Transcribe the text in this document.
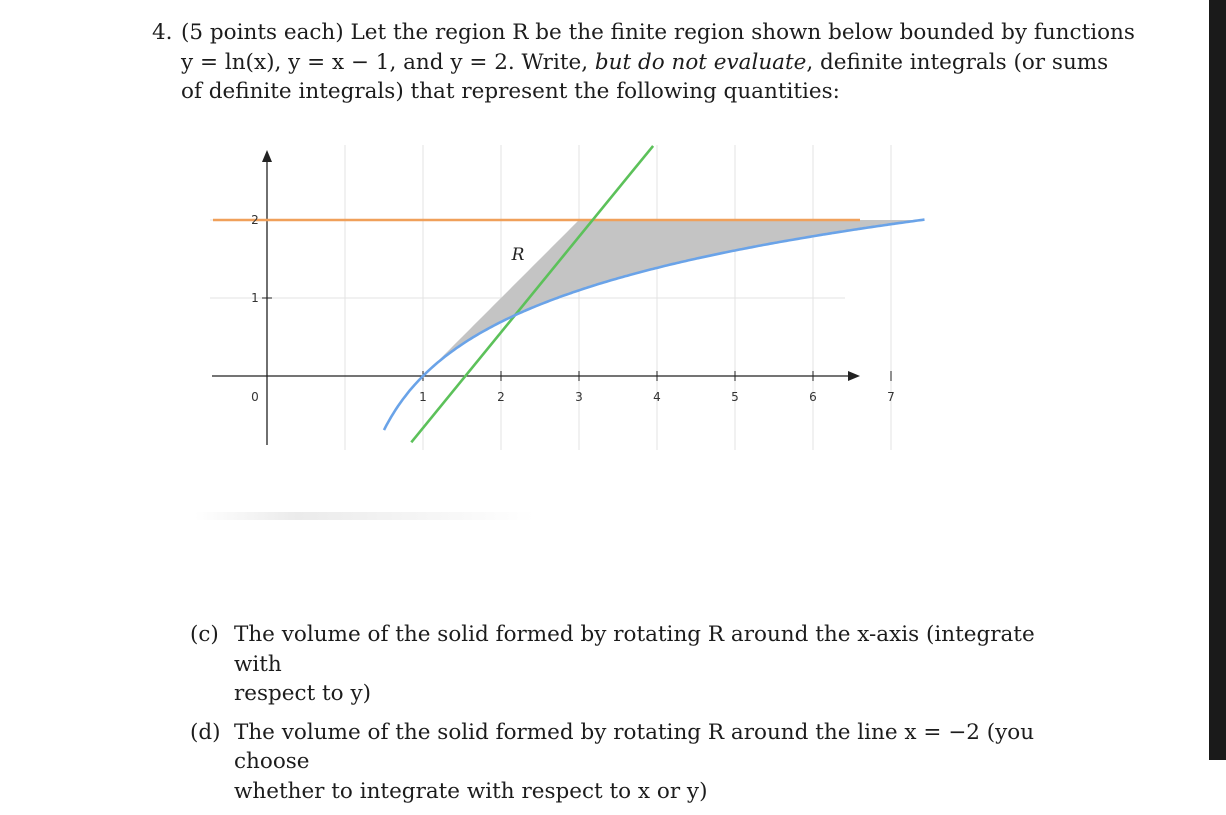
4. (5 points each) Let the region R be the finite region shown below bounded by functions
y = ln(x), y = x − 1, and y = 2. Write, but do not evaluate, definite integrals (or sums
of definite integrals) that represent the following quantities:
1	2	3	4	5	6	7
2
1
0
R
(c) The volume of the solid formed by rotating R around the x-axis (integrate with
respect to y)
(d) The volume of the solid formed by rotating R around the line x = −2 (you choose
whether to integrate with respect to x or y)
